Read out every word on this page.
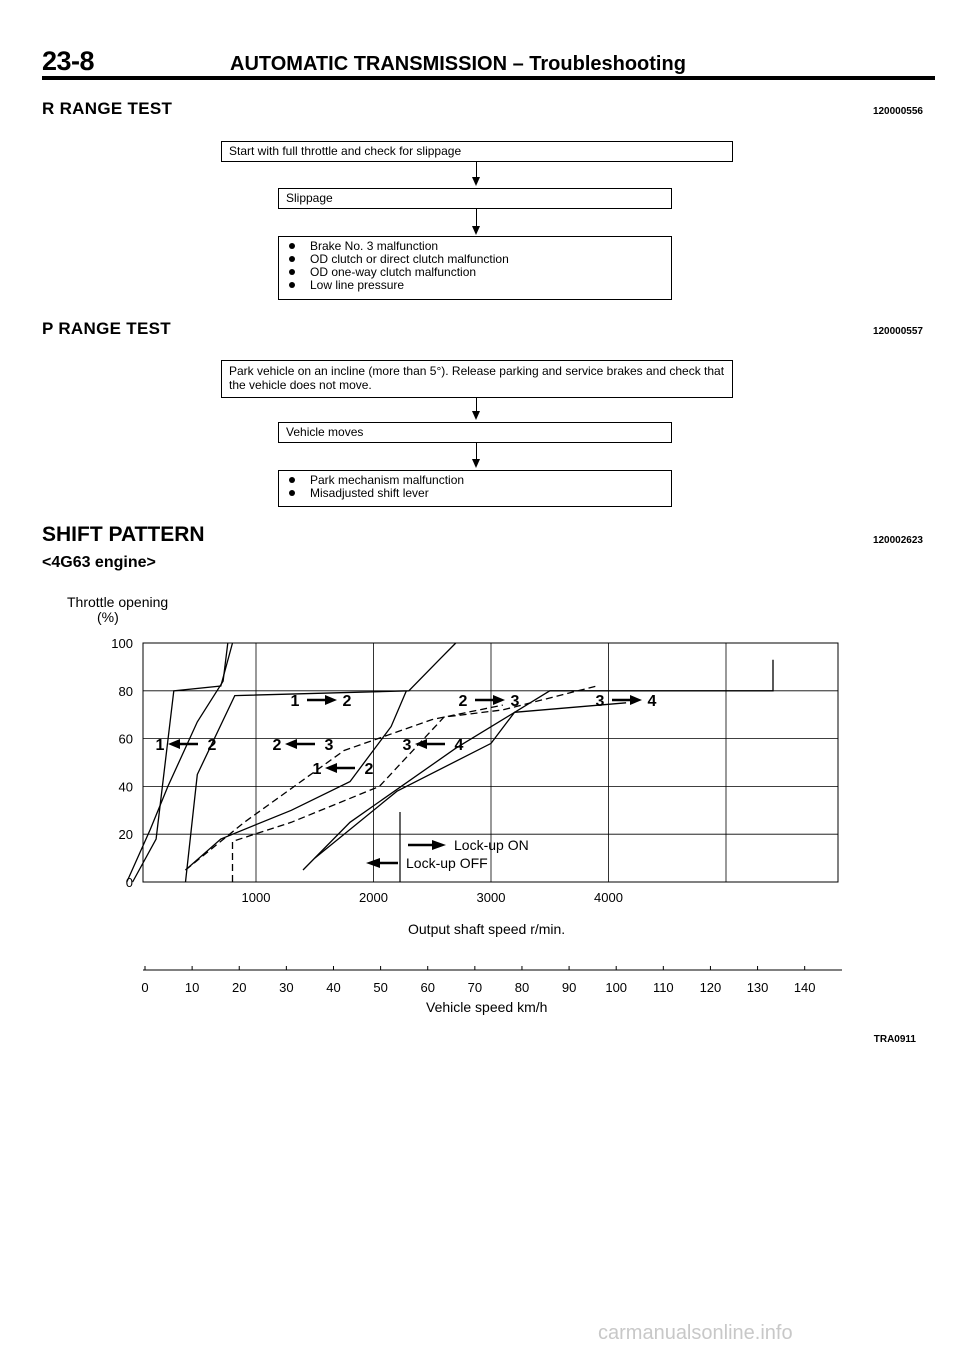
23-8	AUTOMATIC TRANSMISSION – Troubleshooting
R RANGE TEST	120000556
Start with full throttle and check for slippage
Slippage
Brake No. 3 malfunction
OD clutch or direct clutch malfunction
OD one-way clutch malfunction
Low line pressure
P RANGE TEST	120000557
Park vehicle on an incline (more than 5°). Release parking and service brakes and check that the vehicle does not move.
Vehicle moves
Park mechanism malfunction
Misadjusted shift lever
SHIFT PATTERN	120002623
<4G63 engine>
Throttle opening
(%)
0
20
40
60
80
100
1000	2000	3000	4000
1	2	2	3	3	4
1	2	2	3	3	4
1	2
Lock-up ON
Lock-up OFF
0	10	20	30	40	50	60	70	80	90 100 110 120 130 140
Output shaft speed r/min.
Vehicle speed km/h
TRA0911
carmanualsonline.info
